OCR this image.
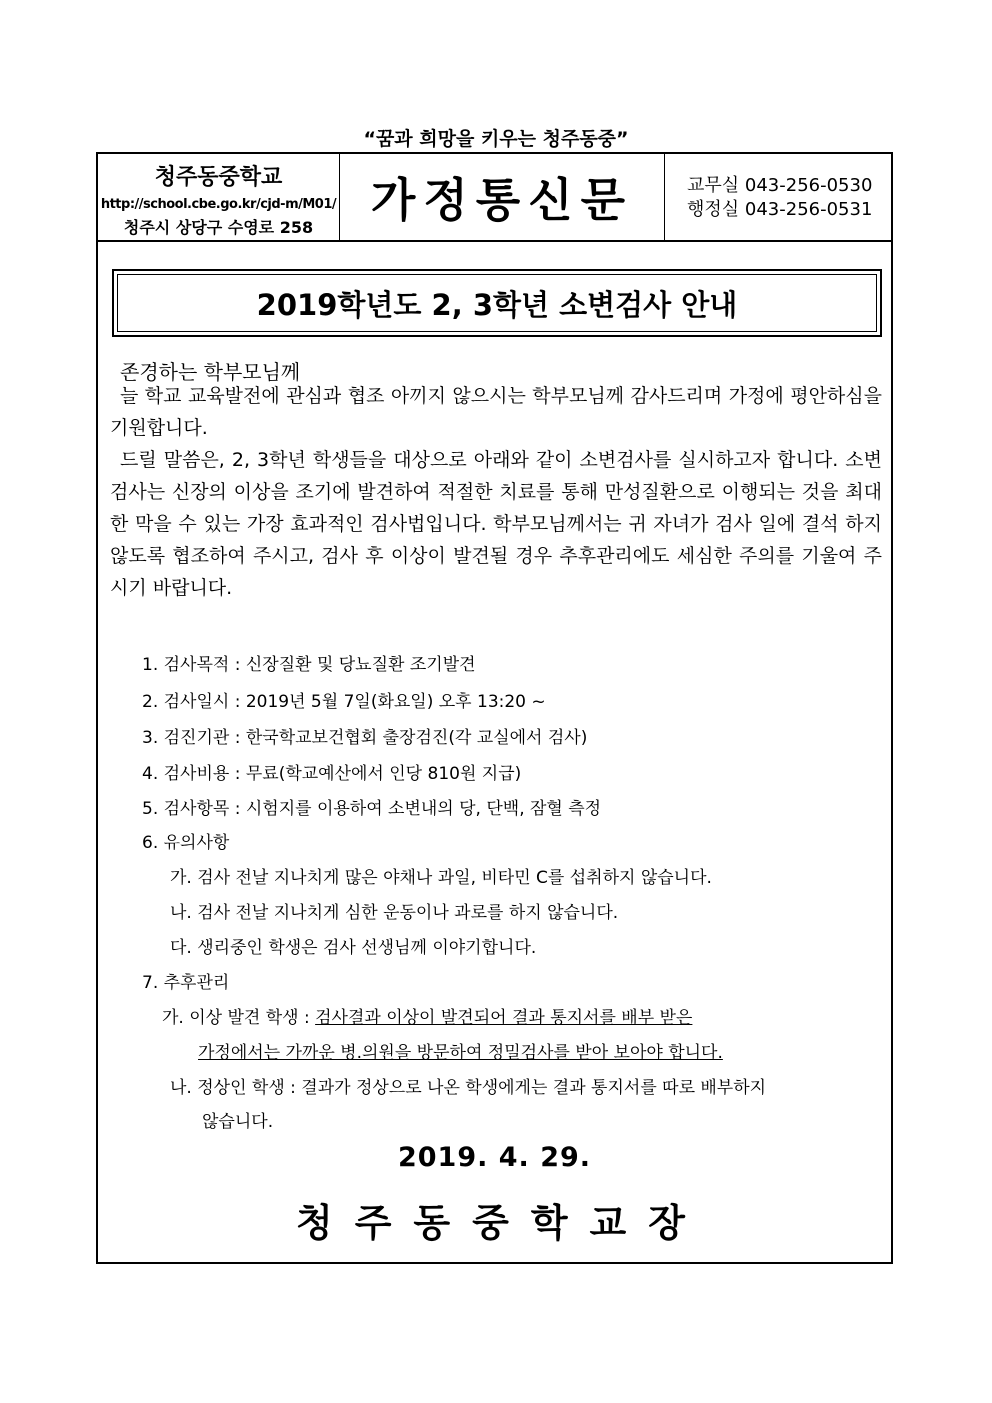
“꿈과 희망을 키우는 청주동중”
청주동중학교
http://school.cbe.go.kr/cjd-m/M01/
청주시 상당구 수영로 258
가정통신문	교무실 043-256-0530
행정실 043-256-0531
2019학년도 2, 3학년 소변검사 안내
존경하는 학부모님께

늘 학교 교육발전에 관심과 협조 아끼지 않으시는 학부모님께 감사드리며 가정에 평안하심을 기원합니다.

드릴 말씀은, 2, 3학년 학생들을 대상으로 아래와 같이 소변검사를 실시하고자 합니다. 소변검사는 신장의 이상을 조기에 발견하여 적절한 치료를 통해 만성질환으로 이행되는 것을 최대한 막을 수 있는 가장 효과적인 검사법입니다. 학부모님께서는 귀 자녀가 검사 일에 결석 하지 않도록 협조하여 주시고, 검사 후 이상이 발견될 경우 추후관리에도 세심한 주의를 기울여 주시기 바랍니다.

1. 검사목적 : 신장질환 및 당뇨질환 조기발견
2. 검사일시 : 2019년 5월 7일(화요일) 오후 13:20 ~
3. 검진기관 : 한국학교보건협회 출장검진(각 교실에서 검사)
4. 검사비용 : 무료(학교예산에서 인당 810원 지급)
5. 검사항목 : 시험지를 이용하여 소변내의 당, 단백, 잠혈 측정
6. 유의사항
가. 검사 전날 지나치게 많은 야채나 과일, 비타민 C를 섭취하지 않습니다.
나. 검사 전날 지나치게 심한 운동이나 과로를 하지 않습니다.
다. 생리중인 학생은 검사 선생님께 이야기합니다.
7. 추후관리
가. 이상 발견 학생 : 검사결과 이상이 발견되어 결과 통지서를 배부 받은
가정에서는 가까운 병.의원을 방문하여 정밀검사를 받아 보아야 합니다.
나. 정상인 학생 : 결과가 정상으로 나온 학생에게는 결과 통지서를 따로 배부하지
않습니다.
2019. 4. 29.
청주동중학교장
